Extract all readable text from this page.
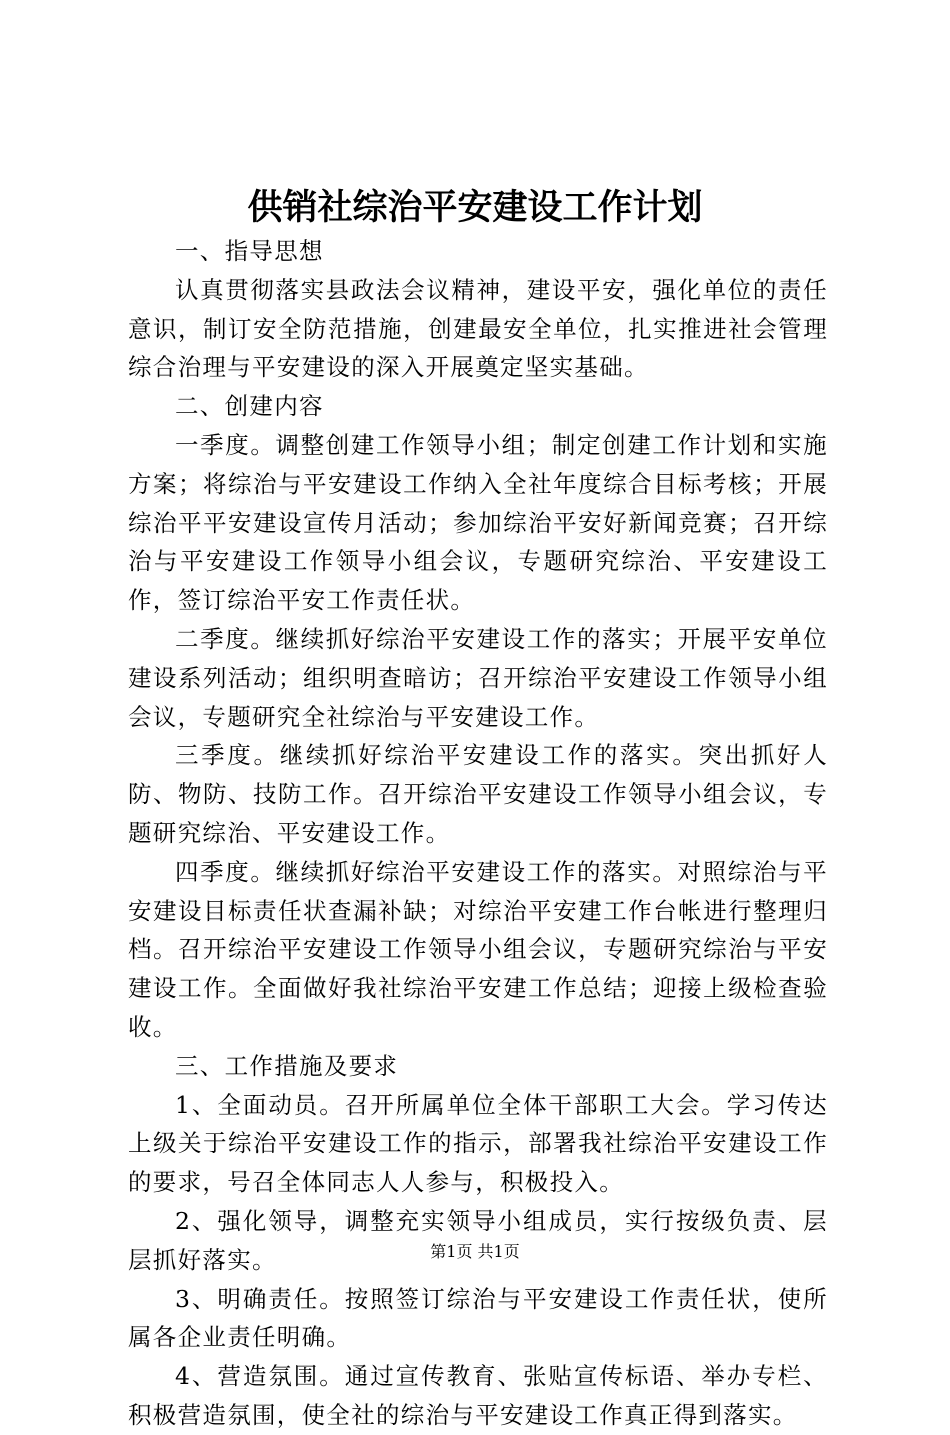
供销社综治平安建设工作计划

一、指导思想

认真贯彻落实县政法会议精神，建设平安，强化单位的责任意识，制订安全防范措施，创建最安全单位，扎实推进社会管理综合治理与平安建设的深入开展奠定坚实基础。

二、创建内容

一季度。调整创建工作领导小组；制定创建工作计划和实施方案；将综治与平安建设工作纳入全社年度综合目标考核；开展综治平平安建设宣传月活动；参加综治平安好新闻竞赛；召开综治与平安建设工作领导小组会议，专题研究综治、平安建设工作，签订综治平安工作责任状。

二季度。继续抓好综治平安建设工作的落实；开展平安单位建设系列活动；组织明查暗访；召开综治平安建设工作领导小组会议，专题研究全社综治与平安建设工作。

三季度。继续抓好综治平安建设工作的落实。突出抓好人防、物防、技防工作。召开综治平安建设工作领导小组会议，专题研究综治、平安建设工作。

四季度。继续抓好综治平安建设工作的落实。对照综治与平安建设目标责任状查漏补缺；对综治平安建工作台帐进行整理归档。召开综治平安建设工作领导小组会议，专题研究综治与平安建设工作。全面做好我社综治平安建工作总结；迎接上级检查验收。

三、工作措施及要求

1、全面动员。召开所属单位全体干部职工大会。学习传达上级关于综治平安建设工作的指示，部署我社综治平安建设工作的要求，号召全体同志人人参与，积极投入。

2、强化领导，调整充实领导小组成员，实行按级负责、层层抓好落实。

3、明确责任。按照签订综治与平安建设工作责任状，使所属各企业责任明确。

4、营造氛围。通过宣传教育、张贴宣传标语、举办专栏、积极营造氛围，使全社的综治与平安建设工作真正得到落实。

第1页 共1页
